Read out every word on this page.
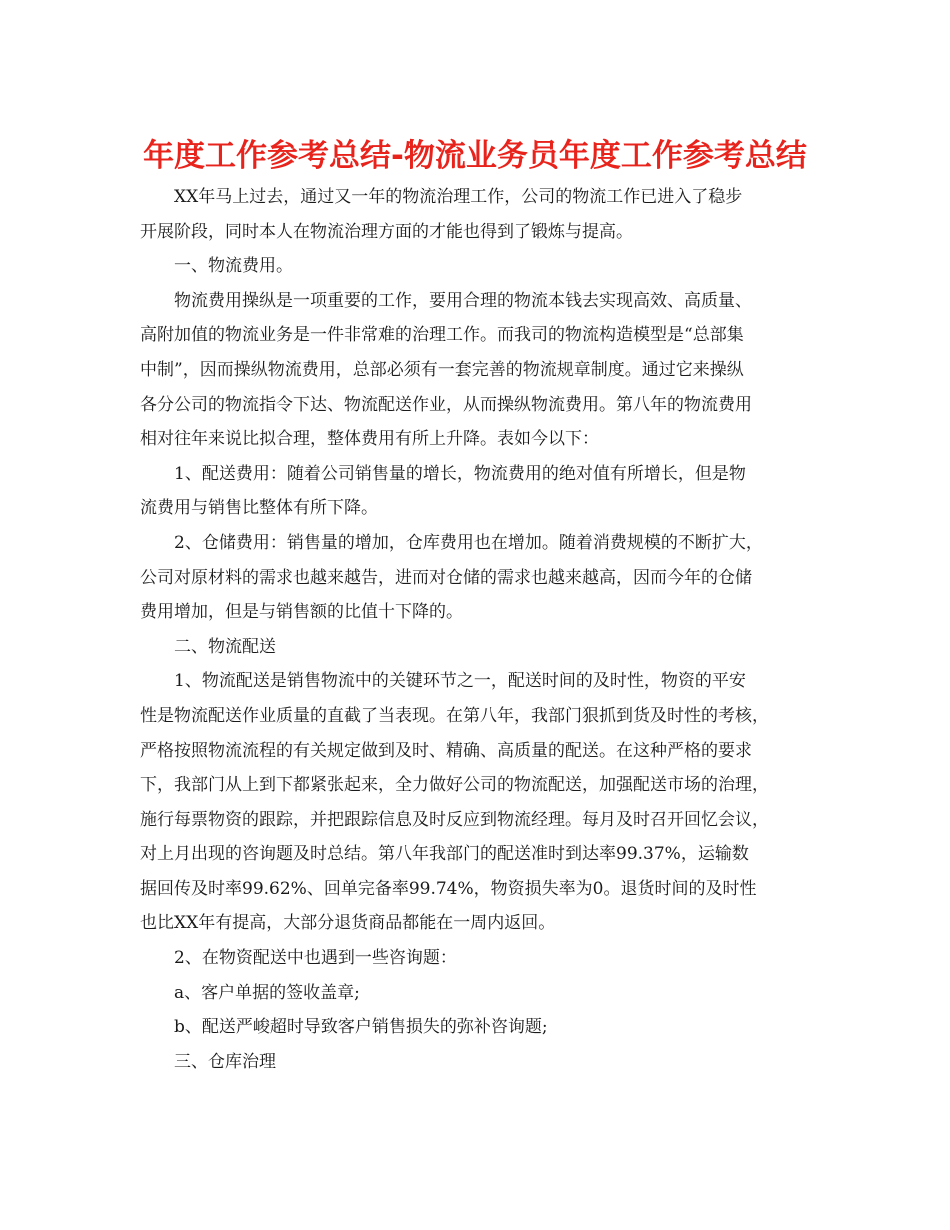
年度工作参考总结-物流业务员年度工作参考总结
XX年马上过去，通过又一年的物流治理工作，公司的物流工作已进入了稳步
开展阶段，同时本人在物流治理方面的才能也得到了锻炼与提高。
一、物流费用。
物流费用操纵是一项重要的工作，要用合理的物流本钱去实现高效、高质量、
高附加值的物流业务是一件非常难的治理工作。而我司的物流构造模型是“总部集
中制”，因而操纵物流费用，总部必须有一套完善的物流规章制度。通过它来操纵
各分公司的物流指令下达、物流配送作业，从而操纵物流费用。第八年的物流费用
相对往年来说比拟合理，整体费用有所上升降。表如今以下：
1、配送费用：随着公司销售量的增长，物流费用的绝对值有所增长，但是物
流费用与销售比整体有所下降。
2、仓储费用：销售量的增加，仓库费用也在增加。随着消费规模的不断扩大，
公司对原材料的需求也越来越告，进而对仓储的需求也越来越高，因而今年的仓储
费用增加，但是与销售额的比值十下降的。
二、物流配送
1、物流配送是销售物流中的关键环节之一，配送时间的及时性，物资的平安
性是物流配送作业质量的直截了当表现。在第八年，我部门狠抓到货及时性的考核，
严格按照物流流程的有关规定做到及时、精确、高质量的配送。在这种严格的要求
下，我部门从上到下都紧张起来，全力做好公司的物流配送，加强配送市场的治理，
施行每票物资的跟踪，并把跟踪信息及时反应到物流经理。每月及时召开回忆会议，
对上月出现的咨询题及时总结。第八年我部门的配送准时到达率99.37%，运输数
据回传及时率99.62%、回单完备率99.74%，物资损失率为0。退货时间的及时性
也比XX年有提高，大部分退货商品都能在一周内返回。
2、在物资配送中也遇到一些咨询题：
a、客户单据的签收盖章;
b、配送严峻超时导致客户销售损失的弥补咨询题;
三、仓库治理
